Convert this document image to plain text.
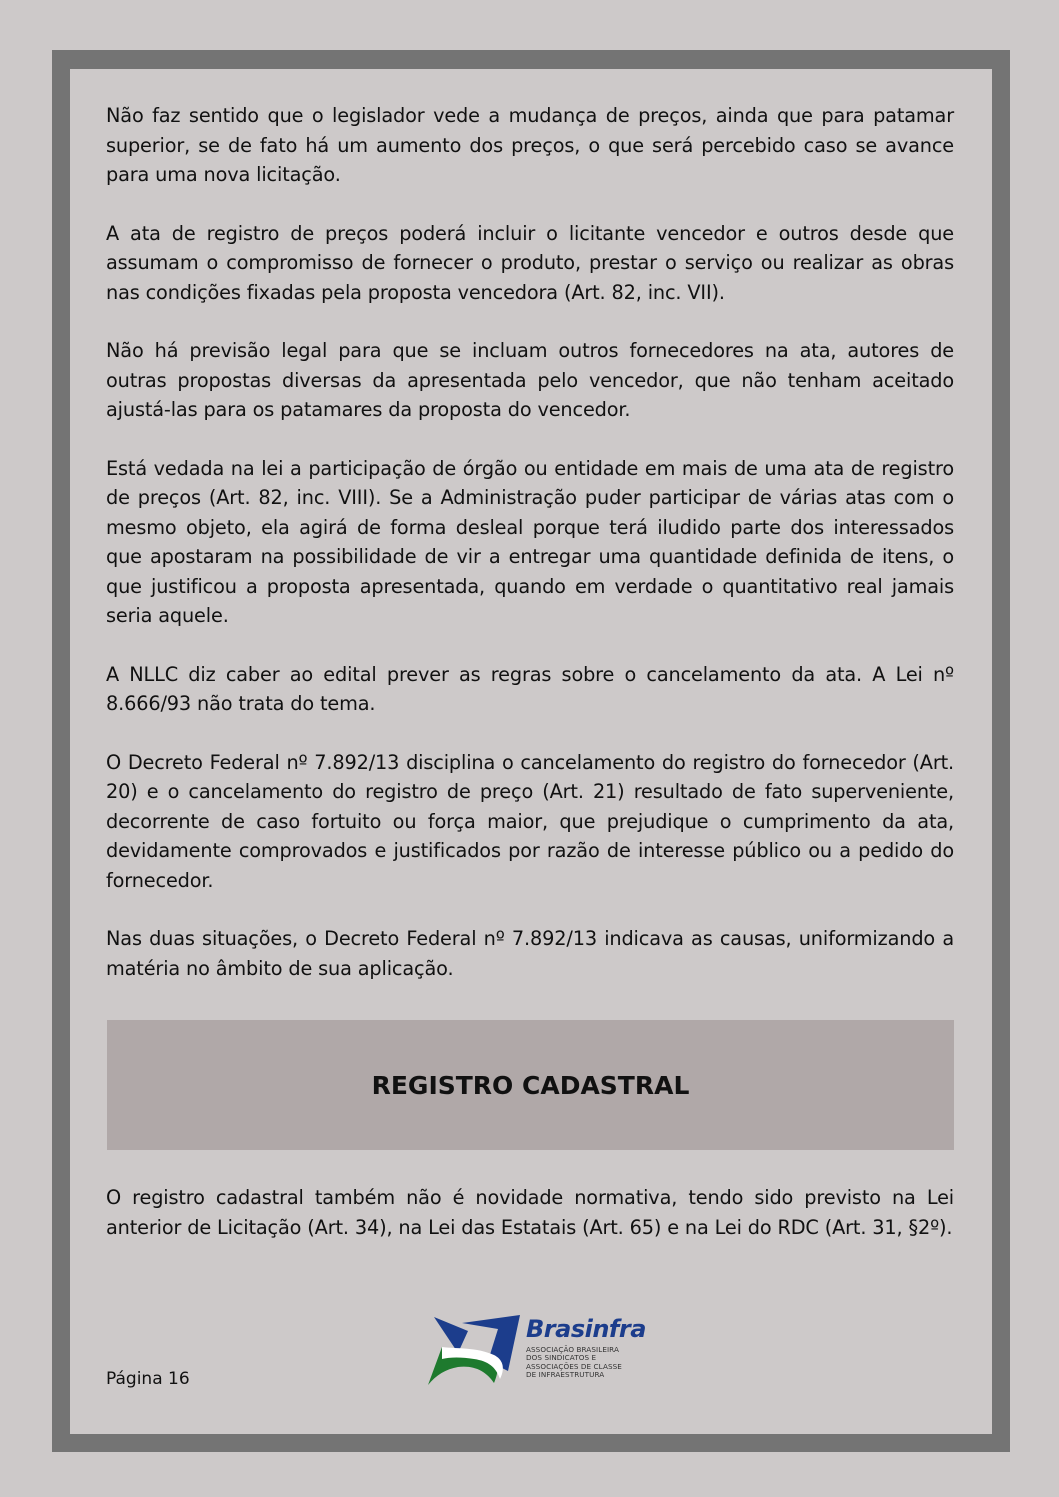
Não faz sentido que o legislador vede a mudança de preços, ainda que para patamar superior, se de fato há um aumento dos preços, o que será percebido caso se avance para uma nova licitação.

A ata de registro de preços poderá incluir o licitante vencedor e outros desde que assumam o compromisso de fornecer o produto, prestar o serviço ou realizar as obras nas condições fixadas pela proposta vencedora (Art. 82, inc. VII).

Não há previsão legal para que se incluam outros fornecedores na ata, autores de outras propostas diversas da apresentada pelo vencedor, que não tenham aceitado ajustá-las para os patamares da proposta do vencedor.

Está vedada na lei a participação de órgão ou entidade em mais de uma ata de registro de preços (Art. 82, inc. VIII). Se a Administração puder participar de várias atas com o mesmo objeto, ela agirá de forma desleal porque terá iludido parte dos interessados que apostaram na possibilidade de vir a entregar uma quantidade definida de itens, o que justificou a proposta apresentada, quando em verdade o quantitativo real jamais seria aquele.

A NLLC diz caber ao edital prever as regras sobre o cancelamento da ata. A Lei nº 8.666/93 não trata do tema.

O Decreto Federal nº 7.892/13 disciplina o cancelamento do registro do fornecedor (Art. 20) e o cancelamento do registro de preço (Art. 21) resultado de fato superveniente, decorrente de caso fortuito ou força maior, que prejudique o cumprimento da ata, devidamente comprovados e justificados por razão de interesse público ou a pedido do fornecedor.

Nas duas situações, o Decreto Federal nº 7.892/13 indicava as causas, uniformizando a matéria no âmbito de sua aplicação.

REGISTRO CADASTRAL

O registro cadastral também não é novidade normativa, tendo sido previsto na Lei anterior de Licitação (Art. 34), na Lei das Estatais (Art. 65) e na Lei do RDC (Art. 31, §2º).

Página 16
Brasinfra
ASSOCIAÇÃO BRASILEIRA
DOS SINDICATOS E
ASSOCIAÇÕES DE CLASSE
DE INFRAESTRUTURA
